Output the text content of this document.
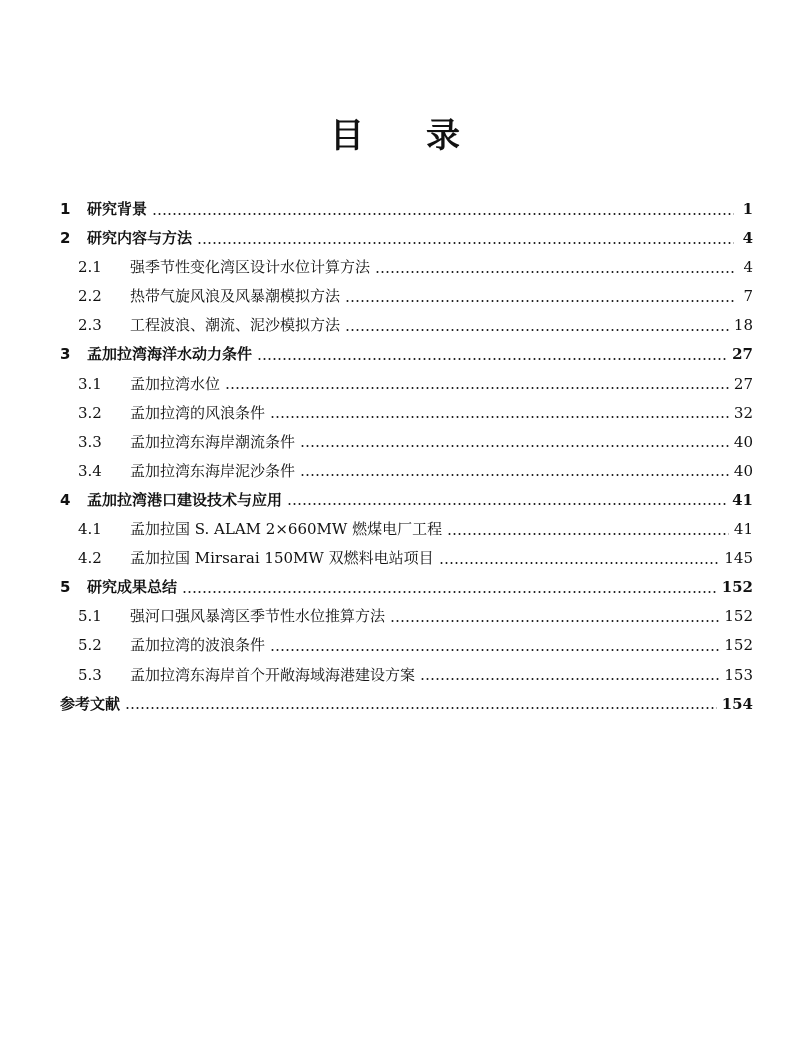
目录
1	研究背景	1
2	研究内容与方法	4
2.1	强季节性变化湾区设计水位计算方法	4
2.2	热带气旋风浪及风暴潮模拟方法	7
2.3	工程波浪、潮流、泥沙模拟方法	18
3	孟加拉湾海洋水动力条件	27
3.1	孟加拉湾水位	27
3.2	孟加拉湾的风浪条件	32
3.3	孟加拉湾东海岸潮流条件	40
3.4	孟加拉湾东海岸泥沙条件	40
4	孟加拉湾港口建设技术与应用	41
4.1	孟加拉国 S. ALAM 2×660MW 燃煤电厂工程	41
4.2	孟加拉国 Mirsarai 150MW 双燃料电站项目	145
5	研究成果总结	152
5.1	强河口强风暴湾区季节性水位推算方法	152
5.2	孟加拉湾的波浪条件	152
5.3	孟加拉湾东海岸首个开敞海域海港建设方案	153
参考文献	154
